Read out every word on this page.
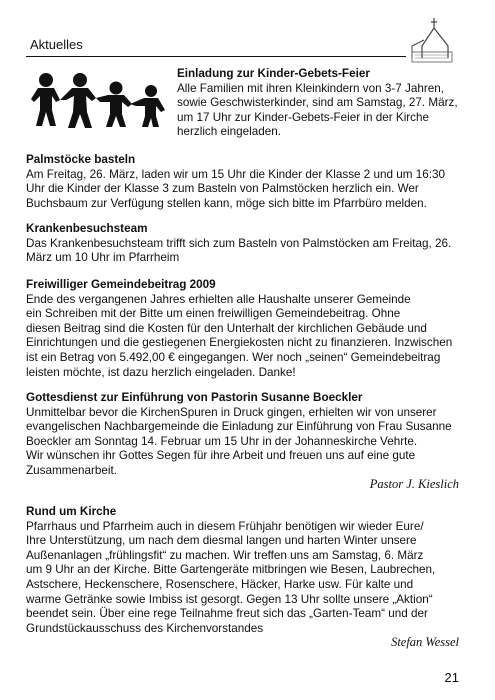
Aktuelles
Einladung zur Kinder-Gebets-Feier

Alle Familien mit ihren Kleinkindern von 3-7 Jahren,
sowie Geschwisterkinder, sind am Samstag, 27. März,
um 17 Uhr zur Kinder-Gebets-Feier in der Kirche
herzlich eingeladen.

Palmstöcke basteln

Am Freitag, 26. März, laden wir um 15 Uhr die Kinder der Klasse 2 und um 16:30
Uhr die Kinder der Klasse 3 zum Basteln von Palmstöcken herzlich ein. Wer
Buchsbaum zur Verfügung stellen kann, möge sich bitte im Pfarrbüro melden.

Krankenbesuchsteam

Das Krankenbesuchsteam trifft sich zum Basteln von Palmstöcken am Freitag, 26.
März um 10 Uhr im Pfarrheim

Freiwilliger Gemeindebeitrag 2009

Ende des vergangenen Jahres erhielten alle Haushalte unserer Gemeinde
ein Schreiben mit der Bitte um einen freiwilligen Gemeindebeitrag. Ohne
diesen Beitrag sind die Kosten für den Unterhalt der kirchlichen Gebäude und
Einrichtungen und die gestiegenen Energiekosten nicht zu finanzieren. Inzwischen
ist ein Betrag von 5.492,00 € eingegangen. Wer noch „seinen“ Gemeindebeitrag
leisten möchte, ist dazu herzlich eingeladen. Danke!

Gottesdienst zur Einführung von Pastorin Susanne Boeckler

Unmittelbar bevor die KirchenSpuren in Druck gingen, erhielten wir von unserer
evangelischen Nachbargemeinde die Einladung zur Einführung von Frau Susanne
Boeckler am Sonntag 14. Februar um 15 Uhr in der Johanneskirche Vehrte.
Wir wünschen ihr Gottes Segen für ihre Arbeit und freuen uns auf eine gute
Zusammenarbeit.

Pastor J. Kieslich
Rund um Kirche

Pfarrhaus und Pfarrheim auch in diesem Frühjahr benötigen wir wieder Eure/
Ihre Unterstützung, um nach dem diesmal langen und harten Winter unsere
Außenanlagen „frühlingsfit“ zu machen. Wir treffen uns am Samstag, 6. März
um 9 Uhr an der Kirche. Bitte Gartengeräte mitbringen wie Besen, Laubrechen,
Astschere, Heckenschere, Rosenschere, Häcker, Harke usw. Für kalte und
warme Getränke sowie Imbiss ist gesorgt. Gegen 13 Uhr sollte unsere „Aktion“
beendet sein. Über eine rege Teilnahme freut sich das „Garten-Team“ und der
Grundstückausschuss des Kirchenvorstandes

Stefan Wessel
21
